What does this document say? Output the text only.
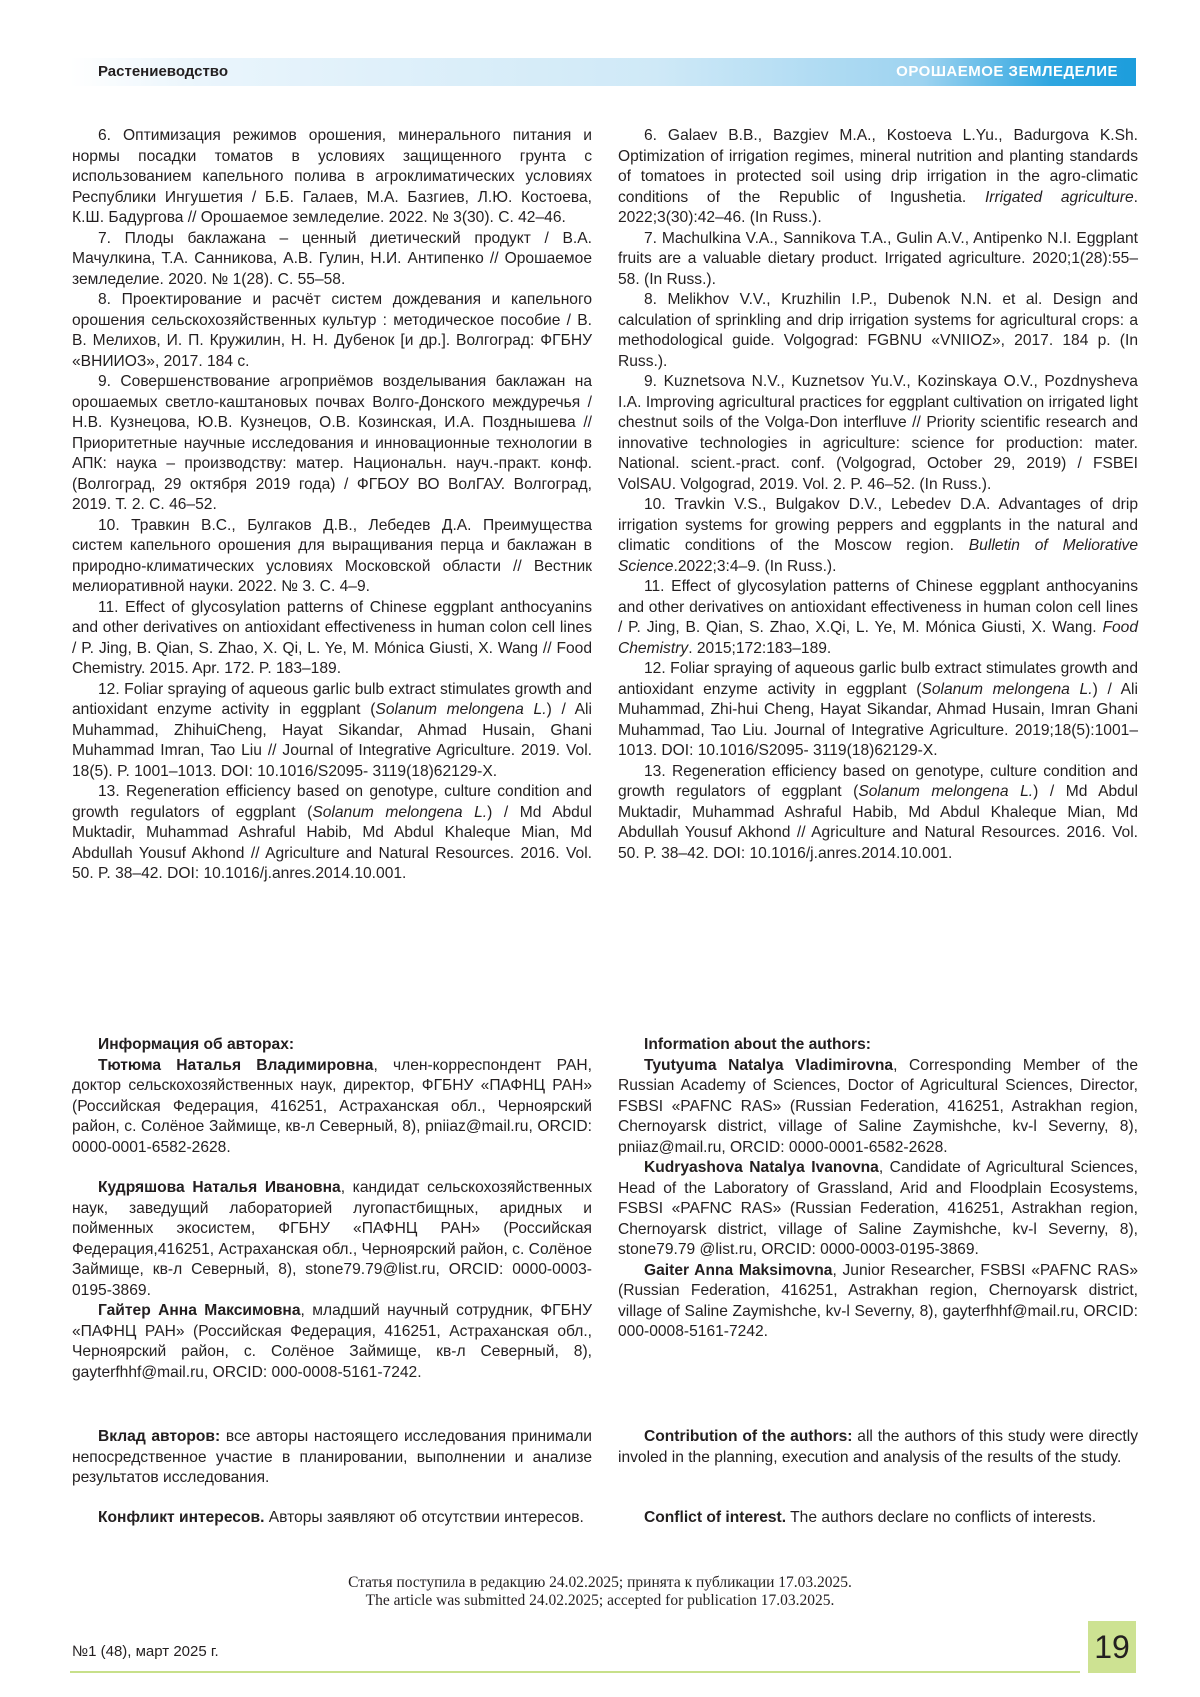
Растениеводство	ОРОШАЕМОЕ ЗЕМЛЕДЕЛИЕ

6. Оптимизация режимов орошения, минерального питания и нормы посадки томатов в условиях защищенного грунта с использованием капельного полива в агроклиматических условиях Республики Ингушетия / Б.Б. Галаев, М.А. Базгиев, Л.Ю. Костоева, К.Ш. Бадургова // Орошаемое земледелие. 2022. № 3(30). С. 42–46.

7. Плоды баклажана – ценный диетический продукт / В.А. Мачулкина, Т.А. Санникова, А.В. Гулин, Н.И. Антипенко // Орошаемое земледелие. 2020. № 1(28). С. 55–58.

8. Проектирование и расчёт систем дождевания и капельного орошения сельскохозяйственных культур : методическое пособие / В. В. Мелихов, И. П. Кружилин, Н. Н. Дубенок [и др.]. Волгоград: ФГБНУ «ВНИИОЗ», 2017. 184 с.

9. Совершенствование агроприёмов возделывания баклажан на орошаемых светло-каштановых почвах Волго-Донского междуречья / Н.В. Кузнецова, Ю.В. Кузнецов, О.В. Козинская, И.А. Позднышева // Приоритетные научные исследования и инновационные технологии в АПК: наука – производству: матер. Национальн. науч.-практ. конф. (Волгоград, 29 октября 2019 года) / ФГБОУ ВО ВолГАУ. Волгоград, 2019. Т. 2. С. 46–52.

10. Травкин В.С., Булгаков Д.В., Лебедев Д.А. Преимущества систем капельного орошения для выращивания перца и баклажан в природно-климатических условиях Московской области // Вестник мелиоративной науки. 2022. № 3. С. 4–9.

11. Effect of glycosylation patterns of Chinese eggplant anthocyanins and other derivatives on antioxidant effectiveness in human colon cell lines / P. Jing, B. Qian, S. Zhao, X. Qi, L. Ye, M. Mónica Giusti, X. Wang // Food Chemistry. 2015. Apr. 172. P. 183–189.

12. Foliar spraying of aqueous garlic bulb extract stimulates growth and antioxidant enzyme activity in eggplant (Solanum melongena L.) / Ali Muhammad, ZhihuiCheng, Hayat Sikandar, Ahmad Husain, Ghani Muhammad Imran, Tao Liu // Journal of Integrative Agriculture. 2019. Vol. 18(5). P. 1001–1013. DOI: 10.1016/S2095- 3119(18)62129-X.

13. Regeneration efficiency based on genotype, culture condition and growth regulators of eggplant (Solanum melongena L.) / Md Abdul Muktadir, Muhammad Ashraful Habib, Md Abdul Khaleque Mian, Md Abdullah Yousuf Akhond // Agriculture and Natural Resources. 2016. Vol. 50. P. 38–42. DOI: 10.1016/j.anres.2014.10.001.

6. Galaev B.B., Bazgiev M.A., Kostoeva L.Yu., Badurgova K.Sh. Optimization of irrigation regimes, mineral nutrition and planting standards of tomatoes in protected soil using drip irrigation in the agro-climatic conditions of the Republic of Ingushetia. Irrigated agriculture. 2022;3(30):42–46. (In Russ.).

7. Machulkina V.A., Sannikova T.A., Gulin A.V., Antipenko N.I. Eggplant fruits are a valuable dietary product. Irrigated agriculture. 2020;1(28):55–58. (In Russ.).

8. Melikhov V.V., Kruzhilin I.P., Dubenok N.N. et al. Design and calculation of sprinkling and drip irrigation systems for agricultural crops: a methodological guide. Volgograd: FGBNU «VNIIOZ», 2017. 184 p. (In Russ.).

9. Kuznetsova N.V., Kuznetsov Yu.V., Kozinskaya O.V., Pozdnysheva I.A. Improving agricultural practices for eggplant cultivation on irrigated light chestnut soils of the Volga-Don interfluve // Priority scientific research and innovative technologies in agriculture: science for production: mater. National. scient.-pract. conf. (Volgograd, October 29, 2019) / FSBEI VolSAU. Volgograd, 2019. Vol. 2. P. 46–52. (In Russ.).

10. Travkin V.S., Bulgakov D.V., Lebedev D.A. Advantages of drip irrigation systems for growing peppers and eggplants in the natural and climatic conditions of the Moscow region. Bulletin of Meliorative Science.2022;3:4–9. (In Russ.).

11. Effect of glycosylation patterns of Chinese eggplant anthocyanins and other derivatives on antioxidant effectiveness in human colon cell lines / P. Jing, B. Qian, S. Zhao, X.Qi, L. Ye, M. Mónica Giusti, X. Wang. Food Chemistry. 2015;172:183–189.

12. Foliar spraying of aqueous garlic bulb extract stimulates growth and antioxidant enzyme activity in eggplant (Solanum melongena L.) / Ali Muhammad, Zhi-hui Cheng, Hayat Sikandar, Ahmad Husain, Imran Ghani Muhammad, Tao Liu. Journal of Integrative Agriculture. 2019;18(5):1001–1013. DOI: 10.1016/S2095- 3119(18)62129-X.

13. Regeneration efficiency based on genotype, culture condition and growth regulators of eggplant (Solanum melongena L.) / Md Abdul Muktadir, Muhammad Ashraful Habib, Md Abdul Khaleque Mian, Md Abdullah Yousuf Akhond // Agriculture and Natural Resources. 2016. Vol. 50. P. 38–42. DOI: 10.1016/j.anres.2014.10.001.

Информация об авторах:

Тютюма Наталья Владимировна, член-корреспондент РАН, доктор сельскохозяйственных наук, директор, ФГБНУ «ПАФНЦ РАН» (Российская Федерация, 416251, Астраханская обл., Черноярский район, с. Солёное Займище, кв-л Северный, 8), pniiaz@mail.ru, ORCID: 0000-0001-6582-2628.

Кудряшова Наталья Ивановна, кандидат сельскохозяйственных наук, заведущий лабораторией лугопастбищных, аридных и пойменных экосистем, ФГБНУ «ПАФНЦ РАН» (Российская Федерация,416251, Астраханская обл., Черноярский район, с. Солёное Займище, кв-л Северный, 8), stone79.79@list.ru, ORCID: 0000-0003-0195-3869.

Гайтер Анна Максимовна, младший научный сотрудник, ФГБНУ «ПАФНЦ РАН» (Российская Федерация, 416251, Астраханская обл., Черноярский район, с. Солёное Займище, кв-л Северный, 8), gayterfhhf@mail.ru, ORCID: 000-0008-5161-7242.

Information about the authors:

Tyutyuma Natalya Vladimirovna, Corresponding Member of the Russian Academy of Sciences, Doctor of Agricultural Sciences, Director, FSBSI «PAFNC RAS» (Russian Federation, 416251, Astrakhan region, Chernoyarsk district, village of Saline Zaymishche, kv-l Severny, 8), pniiaz@mail.ru, ORCID: 0000-0001-6582-2628.

Kudryashova Natalya Ivanovna, Candidate of Agricultural Sciences, Head of the Laboratory of Grassland, Arid and Floodplain Ecosystems, FSBSI «PAFNC RAS» (Russian Federation, 416251, Astrakhan region, Chernoyarsk district, village of Saline Zaymishche, kv-l Severny, 8), stone79.79 @list.ru, ORCID: 0000-0003-0195-3869.

Gaiter Anna Maksimovna, Junior Researcher, FSBSI «PAFNC RAS» (Russian Federation, 416251, Astrakhan region, Chernoyarsk district, village of Saline Zaymishche, kv-l Severny, 8), gayterfhhf@mail.ru, ORCID: 000-0008-5161-7242.

Вклад авторов: все авторы настоящего исследования принимали непосредственное участие в планировании, выполнении и анализе результатов исследования.

Contribution of the authors: all the authors of this study were directly involed in the planning, execution and analysis of the results of the study.

Конфликт интересов. Авторы заявляют об отсутствии интересов.	Conflict of interest. The authors declare no conflicts of interests.

Статья поступила в редакцию 24.02.2025; принята к публикации 17.03.2025.
The article was submitted 24.02.2025; accepted for publication 17.03.2025.
№1 (48), март 2025 г.	19
